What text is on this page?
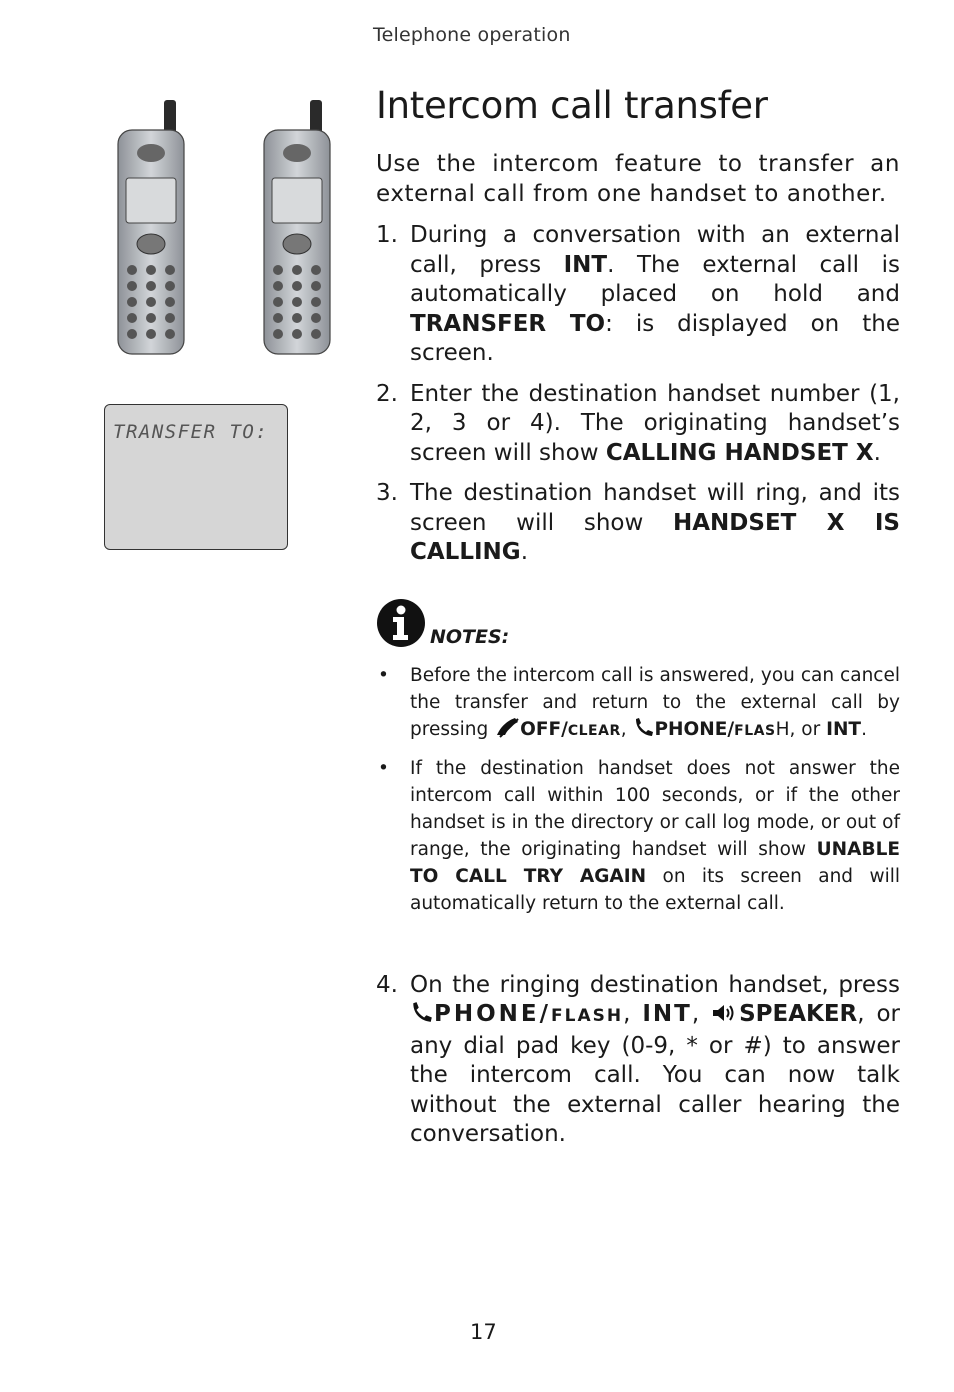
Telephone operation
TRANSFER TO:
Intercom call transfer

Use the intercom feature to transfer an external call from one handset to another.

1. During a conversation with an external call, press INT. The external call is automatically placed on hold and TRANSFER TO: is displayed on the screen.
2. Enter the destination handset number (1, 2, 3 or 4). The originating handset’s screen will show CALLING HANDSET X.
3. The destination handset will ring, and its screen will show HANDSET X IS CALLING.
NOTES:
•	Before the intercom call is answered, you can cancel the transfer and return to the external call by pressing OFF/CLEAR, PHONE/FLASH, or INT.
•	If the destination handset does not answer the intercom call within 100 seconds, or if the other handset is in the directory or call log mode, or out of range, the originating handset will show UNABLE TO CALL TRY AGAIN on its screen and will automatically return to the external call.
4. On the ringing destination handset, press PHONE/FLASH, INT, SPEAKER, or any dial pad key (0-9, * or #) to answer the intercom call. You can now talk without the external caller hearing the conversation.
17
